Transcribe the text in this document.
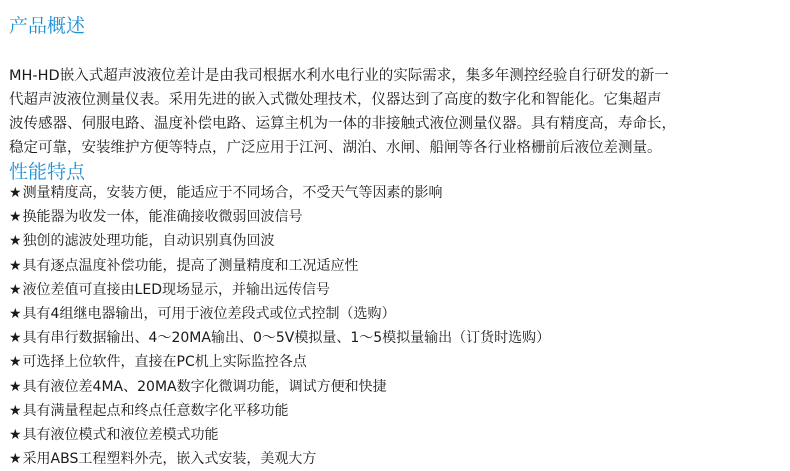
产品概述
MH-HD嵌入式超声波液位差计是由我司根据水利水电行业的实际需求，集多年测控经验自行研发的新一
代超声波液位测量仪表。采用先进的嵌入式微处理技术，仪器达到了高度的数字化和智能化。它集超声
波传感器、伺服电路、温度补偿电路、运算主机为一体的非接触式液位测量仪器。具有精度高，寿命长，
稳定可靠，安装维护方便等特点，广泛应用于江河、湖泊、水闸、船闸等各行业格栅前后液位差测量。
性能特点
★测量精度高，安装方便，能适应于不同场合，不受天气等因素的影响
★换能器为收发一体，能准确接收微弱回波信号
★独创的滤波处理功能，自动识别真伪回波
★具有逐点温度补偿功能，提高了测量精度和工况适应性
★液位差值可直接由LED现场显示，并输出远传信号
★具有4组继电器输出，可用于液位差段式或位式控制（选购）
★具有串行数据输出、4～20MA输出、0～5V模拟量、1～5模拟量输出（订货时选购）
★可选择上位软件，直接在PC机上实际监控各点
★具有液位差4MA、20MA数字化微调功能，调试方便和快捷
★具有满量程起点和终点任意数字化平移功能
★具有液位模式和液位差模式功能
★采用ABS工程塑料外壳，嵌入式安装，美观大方
